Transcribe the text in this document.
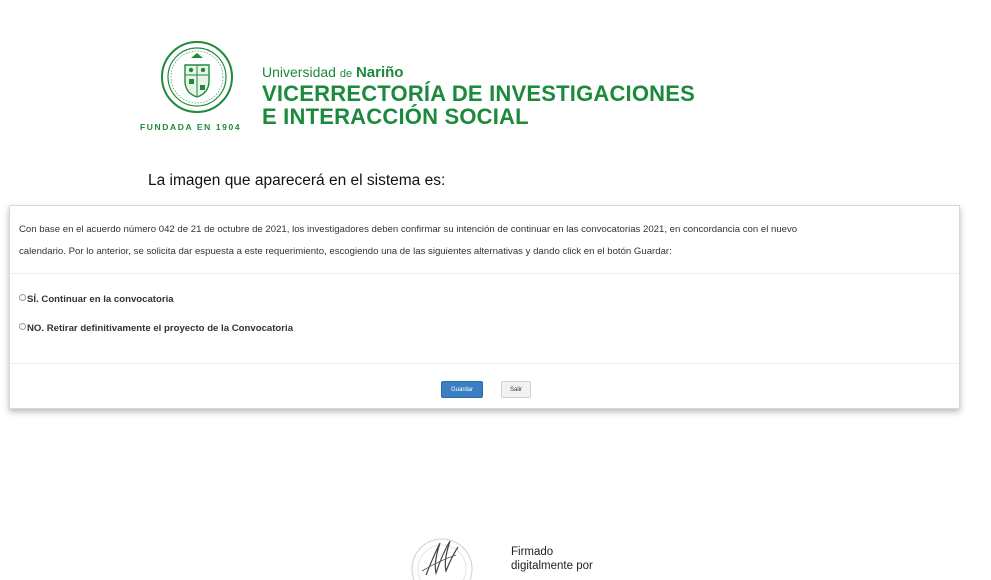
FUNDADA EN 1904
Universidad de Nariño
VICERRECTORÍA DE INVESTIGACIONES
E INTERACCIÓN SOCIAL
La imagen que aparecerá en el sistema es:
Con base en el acuerdo número 042 de 21 de octubre de 2021, los investigadores deben confirmar su intención de continuar en las convocatorias 2021, en concordancia con el nuevo
calendario. Por lo anterior, se solicita dar espuesta a este requerimiento, escogiendo una de las siguientes alternativas y dando click en el botón Guardar:
SÍ. Continuar en la convocatoria
NO. Retirar definitivamente el proyecto de la Convocatoria
Guardar	Salir
Firmado
digitalmente por
